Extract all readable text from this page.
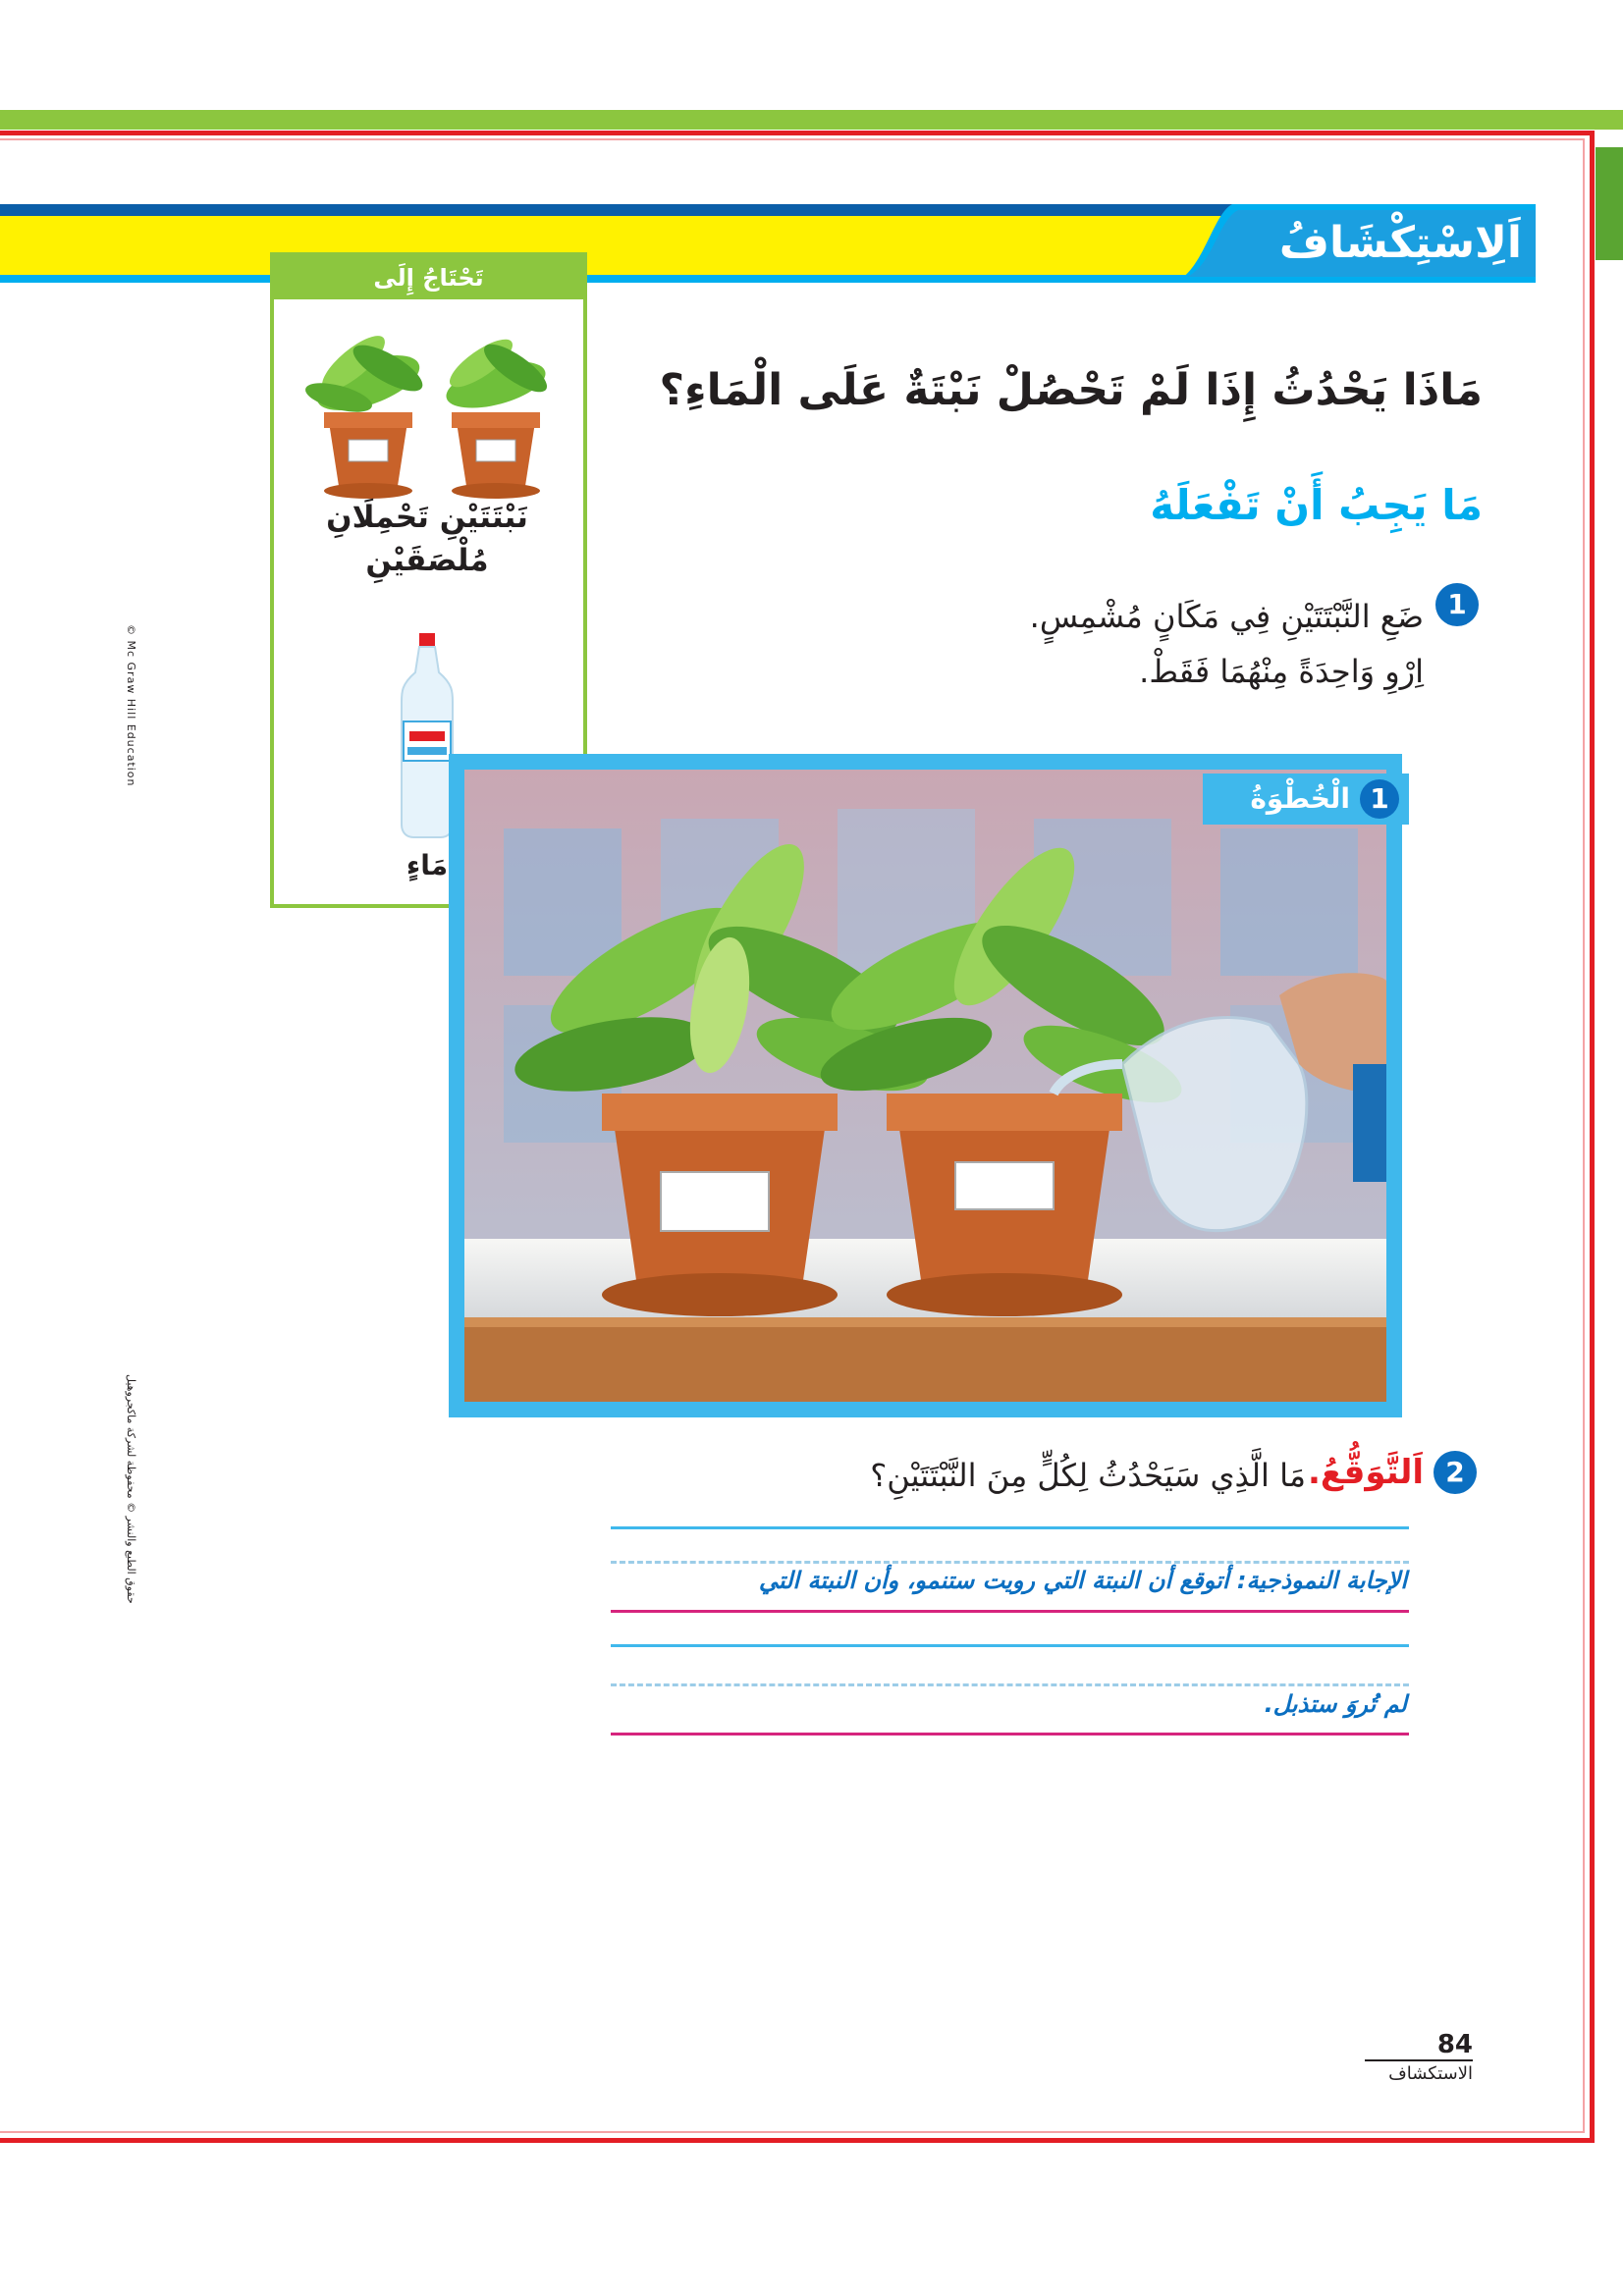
اَلِاسْتِكْشَافُ
© Mc Graw Hill Education
حقوق الطبع والنشر © محفوظة لشركة ماكجروهيل
تَحْتَاجُ إِلَى
نَبْتَتَيْنِ تَحْمِلَانِ مُلْصَقَيْنِ
مَاءٍ
مَاذَا يَحْدُثُ إِذَا لَمْ تَحْصُلْ نَبْتَةٌ عَلَى الْمَاءِ؟
مَا يَجِبُ أَنْ تَفْعَلَهُ
1
ضَعِ النَّبْتَتَيْنِ فِي مَكَانٍ مُشْمِسٍ.
اِرْوِ وَاحِدَةً مِنْهُمَا فَقَطْ.
الْخُطْوَةُ 1
2
اَلتَّوَقُّعُ.
مَا الَّذِي سَيَحْدُثُ لِكُلٍّ مِنَ النَّبْتَتَيْنِ؟
الإجابة النموذجية: أتوقع أن النبتة التي رويت ستنمو، وأن النبتة التي
لم تُروَ ستذبل.
84
الاستكشاف
